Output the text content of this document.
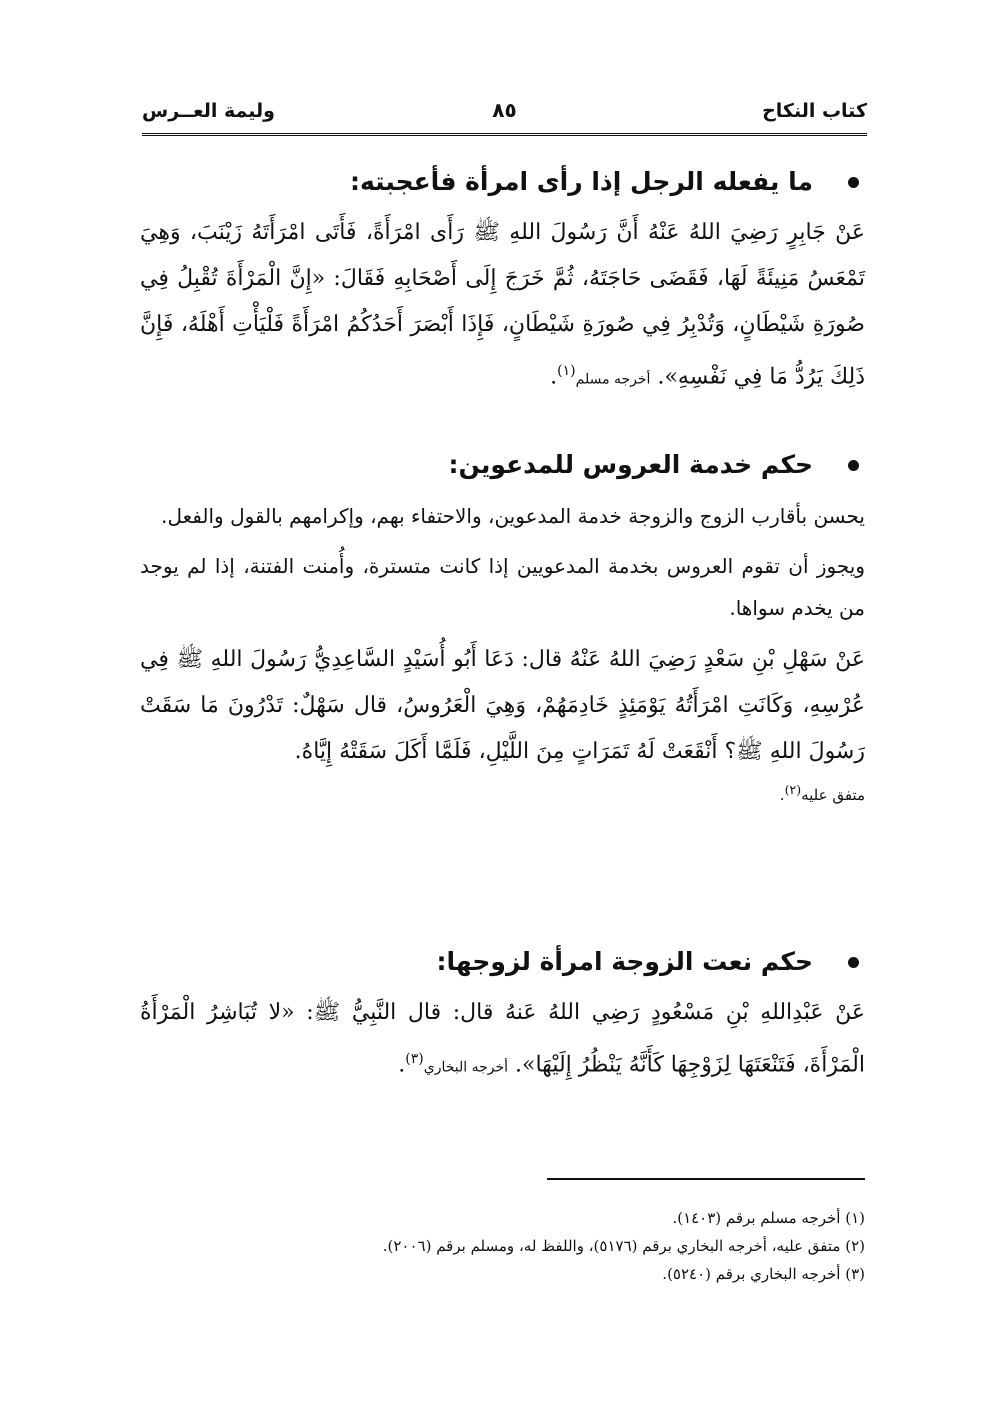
كتاب النكاح
٨٥
وليمة العــرس
ما يفعله الرجل إذا رأى امرأة فأعجبته:

عَنْ جَابِرٍ رَضِيَ اللهُ عَنْهُ أَنَّ رَسُولَ اللهِ ﷺ رَأَى امْرَأَةً، فَأَتَى امْرَأَتَهُ زَيْنَبَ، وَهِيَ تَمْعَسُ مَنِيئَةً لَهَا، فَقَضَى حَاجَتَهُ، ثُمَّ خَرَجَ إِلَى أَصْحَابِهِ فَقَالَ: «إِنَّ الْمَرْأَةَ تُقْبِلُ فِي صُورَةِ شَيْطَانٍ، وَتُدْبِرُ فِي صُورَةِ شَيْطَانٍ، فَإِذَا أَبْصَرَ أَحَدُكُمُ امْرَأَةً فَلْيَأْتِ أَهْلَهُ، فَإِنَّ ذَلِكَ يَرُدُّ مَا فِي نَفْسِهِ». أخرجه مسلم$^{(١)}$.

حكم خدمة العروس للمدعوين:

يحسن بأقارب الزوج والزوجة خدمة المدعوين، والاحتفاء بهم، وإكرامهم بالقول والفعل.

ويجوز أن تقوم العروس بخدمة المدعويين إذا كانت متسترة، وأُمنت الفتنة، إذا لم يوجد من يخدم سواها.

عَنْ سَهْلِ بْنِ سَعْدٍ رَضِيَ اللهُ عَنْهُ قال: دَعَا أَبُو أُسَيْدٍ السَّاعِدِيُّ رَسُولَ اللهِ ﷺ فِي عُرْسِهِ، وَكَانَتِ امْرَأَتُهُ يَوْمَئِذٍ خَادِمَهُمْ، وَهِيَ الْعَرُوسُ، قال سَهْلٌ: تَدْرُونَ مَا سَقَتْ رَسُولَ اللهِ ﷺ؟ أَنْقَعَتْ لَهُ تَمَرَاتٍ مِنَ اللَّيْلِ، فَلَمَّا أَكَلَ سَقَتْهُ إِيَّاهُ.

متفق عليه$^{(٢)}$.

حكم نعت الزوجة امرأة لزوجها:

عَنْ عَبْدِاللهِ بْنِ مَسْعُودٍ رَضِي اللهُ عَنهُ قال: قال النَّبِيُّ ﷺ: «لا تُبَاشِرُ الْمَرْأَةُ الْمَرْأَةَ، فَتَنْعَتَهَا لِزَوْجِهَا كَأَنَّهُ يَنْظُرُ إِلَيْهَا». أخرجه البخاري$^{(٣)}$.

(١) أخرجه مسلم برقم (١٤٠٣).
(٢) متفق عليه، أخرجه البخاري برقم (٥١٧٦)، واللفظ له، ومسلم برقم (٢٠٠٦).
(٣) أخرجه البخاري برقم (٥٢٤٠).
